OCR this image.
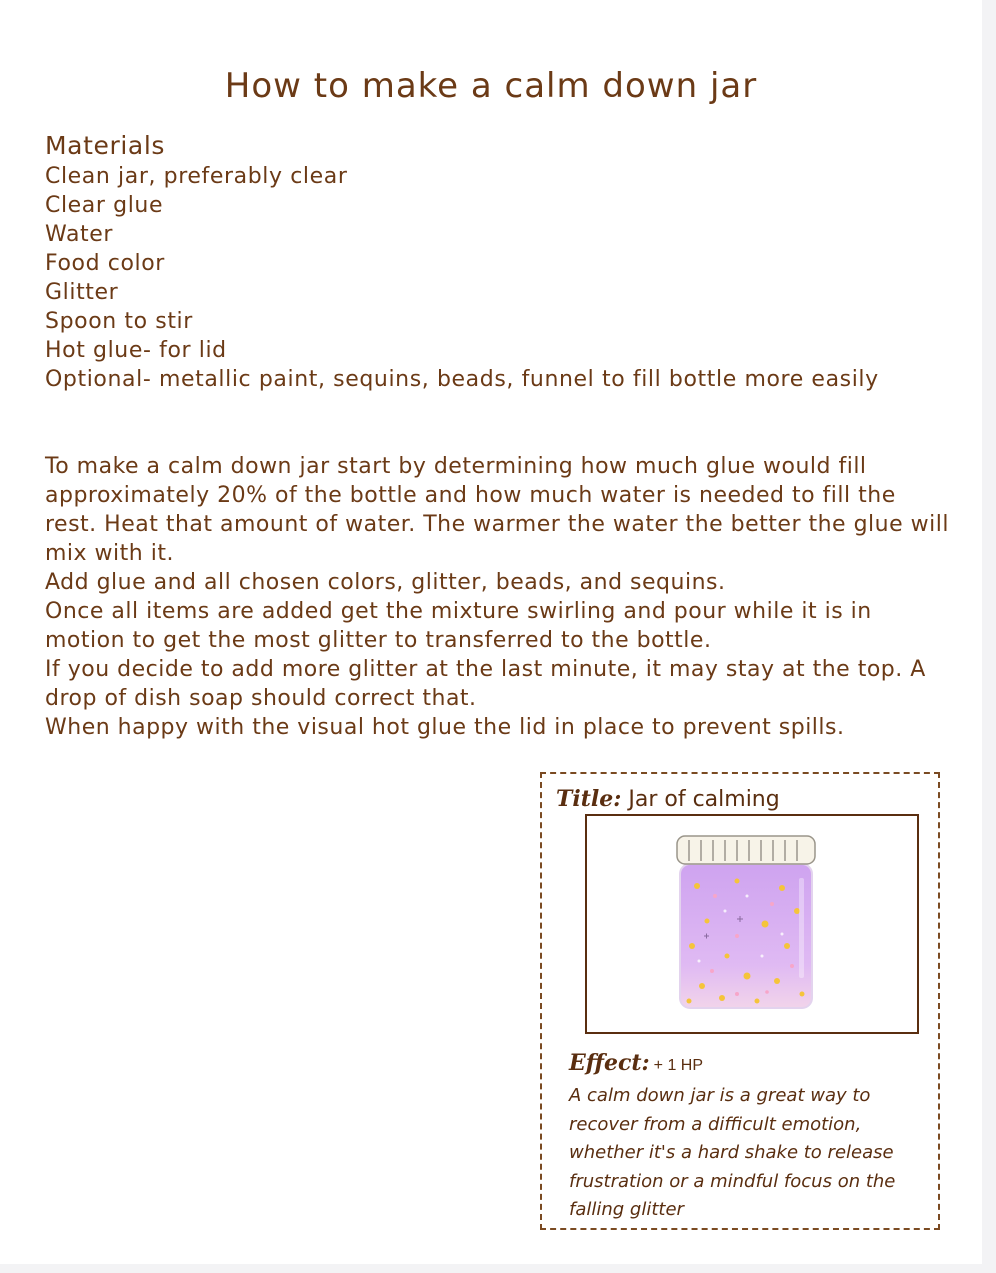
How to make a calm down jar
Materials
Clean jar, preferably clear
Clear glue
Water
Food color
Glitter
Spoon to stir
Hot glue- for lid
Optional- metallic paint, sequins, beads, funnel to fill bottle more easily

To make a calm down jar start by determining how much glue would fill approximately 20% of the bottle and how much water is needed to fill the rest. Heat that amount of water. The warmer the water the better the glue will mix with it.

Add glue and all chosen colors, glitter, beads, and sequins.

Once all items are added get the mixture swirling and pour while it is in motion to get the most glitter to transferred to the bottle.

If you decide to add more glitter at the last minute, it may stay at the top. A drop of dish soap should correct that.

When happy with the visual hot glue the lid in place to prevent spills.

Title: Jar of calming
Effect: + 1 HP

A calm down jar is a great way to recover from a difficult emotion, whether it's a hard shake to release frustration or a mindful focus on the falling glitter
